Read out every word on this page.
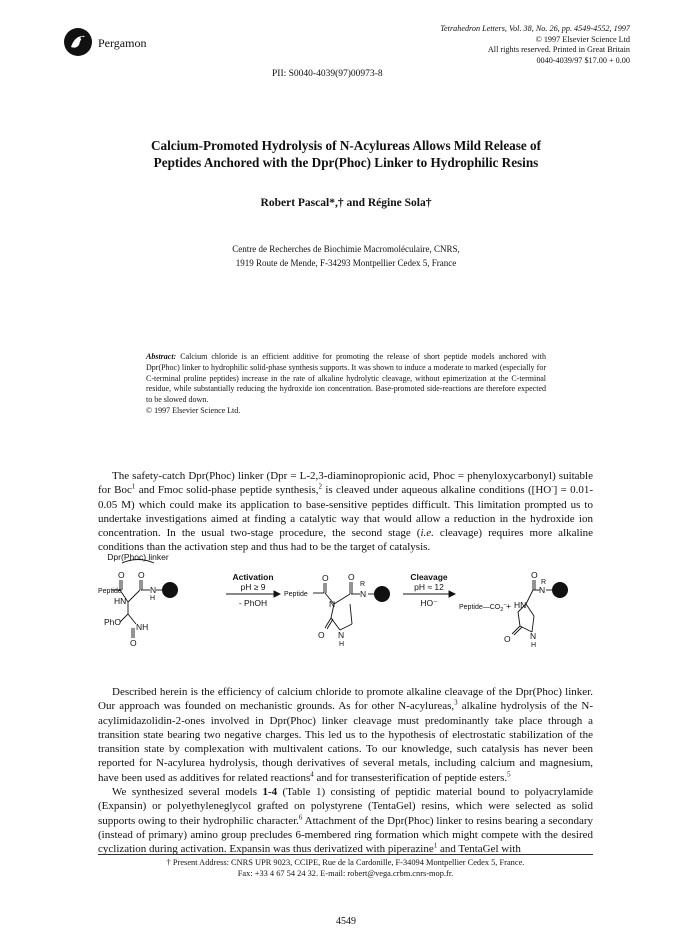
Pergamon
Tetrahedron Letters, Vol. 38, No. 26, pp. 4549-4552, 1997
© 1997 Elsevier Science Ltd
All rights reserved. Printed in Great Britain
0040-4039/97 $17.00 + 0.00
PII: S0040-4039(97)00973-8
Calcium-Promoted Hydrolysis of N-Acylureas Allows Mild Release of
Peptides Anchored with the Dpr(Phoc) Linker to Hydrophilic Resins
Robert Pascal*,† and Régine Sola†
Centre de Recherches de Biochimie Macromoléculaire, CNRS,
1919 Route de Mende, F-34293 Montpellier Cedex 5, France
Abstract: Calcium chloride is an efficient additive for promoting the release of short peptide models anchored with Dpr(Phoc) linker to hydrophilic solid-phase synthesis supports. It was shown to induce a moderate to marked (especially for C-terminal proline peptides) increase in the rate of alkaline hydrolytic cleavage, without epimerization at the C-terminal residue, while substantially reducing the hydroxide ion concentration. Base-promoted side-reactions are therefore expected to be slowed down.
© 1997 Elsevier Science Ltd.

The safety-catch Dpr(Phoc) linker (Dpr = L-2,3-diaminopropionic acid, Phoc = phenyloxycarbonyl) suitable for Boc$^1$ and Fmoc solid-phase peptide synthesis,$^2$ is cleaved under aqueous alkaline conditions ([HO-] = 0.01-0.05 M) which could make its application to base-sensitive peptides difficult. This limitation prompted us to undertake investigations aimed at finding a catalytic way that would allow a reduction in the hydroxide ion concentration. In the usual two-stage procedure, the second stage (i.e. cleavage) requires more alkaline conditions than the activation step and thus had to be the target of catalysis.

Dpr(Phoc) linker
Peptide
O O
N
H
HN
PhO NH
O
Activation
pH ≥ 9
- PhOH
Peptide
O O
R
N
N
N
H
O
Cleavage
pH ≈ 12
HO⁻	$Peptide—CO_2^-$ +
O
R
N
HN
N
H
O

Described herein is the efficiency of calcium chloride to promote alkaline cleavage of the Dpr(Phoc) linker. Our approach was founded on mechanistic grounds. As for other N-acylureas,$^3$ alkaline hydrolysis of the N-acylimidazolidin-2-ones involved in Dpr(Phoc) linker cleavage must predominantly take place through a transition state bearing two negative charges. This led us to the hypothesis of electrostatic stabilization of the transition state by complexation with multivalent cations. To our knowledge, such catalysis has never been reported for N-acylurea hydrolysis, though derivatives of several metals, including calcium and magnesium, have been used as additives for related reactions$^4$ and for transesterification of peptide esters.$^5$

We synthesized several models 1-4 (Table 1) consisting of peptidic material bound to polyacrylamide (Expansin) or polyethyleneglycol grafted on polystyrene (TentaGel) resins, which were selected as solid supports owing to their hydrophilic character.$^6$ Attachment of the Dpr(Phoc) linker to resins bearing a secondary (instead of primary) amino group precludes 6-membered ring formation which might compete with the desired cyclization during activation. Expansin was thus derivatized with piperazine$^1$ and TentaGel with

† Present Address: CNRS UPR 9023, CCIPE, Rue de la Cardonille, F-34094 Montpellier Cedex 5, France.
Fax: +33 4 67 54 24 32. E-mail: robert@vega.crbm.cnrs-mop.fr.
4549
